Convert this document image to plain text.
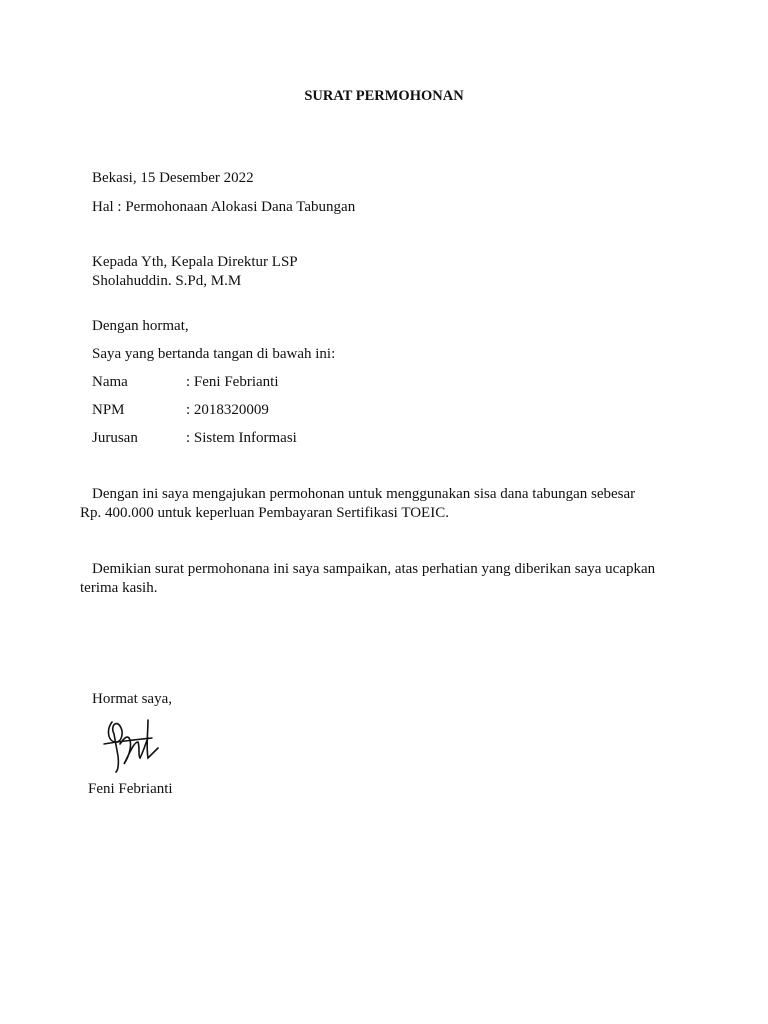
SURAT PERMOHONAN
Bekasi, 15 Desember 2022
Hal : Permohonaan Alokasi Dana Tabungan
Kepada Yth, Kepala Direktur LSP
Sholahuddin. S.Pd, M.M
Dengan hormat,
Saya yang bertanda tangan di bawah ini:
Nama	: Feni Febrianti
NPM	: 2018320009
Jurusan	: Sistem Informasi
Dengan ini saya mengajukan permohonan untuk menggunakan sisa dana tabungan sebesar
Rp. 400.000 untuk keperluan Pembayaran Sertifikasi TOEIC.
Demikian surat permohonana ini saya sampaikan, atas perhatian yang diberikan saya ucapkan
terima kasih.
Hormat saya,
Feni Febrianti
